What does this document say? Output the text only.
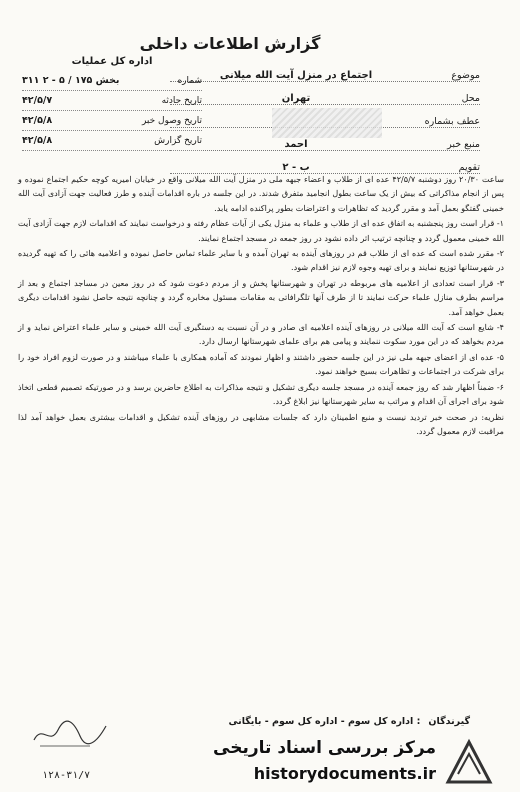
گزارش اطلاعات داخلی
موضوع
اجتماع در منزل آیت الله میلانی
محل
تهران
عطف بشماره
منبع خبر
احمد
تقویم
ب - ۲
اداره کل عملیات
شماره
۳۱۱ ۲ - ۵ / ۱۷۵ بخش
تاریخ حادثه
۴۲/۵/۷
تاریخ وصول خبر
۴۲/۵/۸
تاریخ گزارش
۴۲/۵/۸

ساعت ۲۰/۳۰ روز دوشنبه ۴۲/۵/۷ عده ای از طلاب و اعضاء جبهه ملی در منزل آیت الله میلانی واقع در خیابان امیریه کوچه حکیم اجتماع نموده و پس از انجام مذاکراتی که بیش از یک ساعت بطول انجامید متفرق شدند. در این جلسه در باره اقدامات آینده و طرز فعالیت جهت آزادی آیت الله خمینی گفتگو بعمل آمد و مقرر گردید که تظاهرات و اعتراضات بطور پراکنده ادامه یابد.

۱- قرار است روز پنجشنبه به اتفاق عده ای از طلاب و علماء به منزل یکی از آیات عظام رفته و درخواست نمایند که اقدامات لازم جهت آزادی آیت الله خمینی معمول گردد و چنانچه ترتیب اثر داده نشود در روز جمعه در مسجد اجتماع نمایند.

۲- مقرر شده است که عده ای از طلاب قم در روزهای آینده به تهران آمده و با سایر علماء تماس حاصل نموده و اعلامیه هائی را که تهیه گردیده در شهرستانها توزیع نمایند و برای تهیه وجوه لازم نیز اقدام شود.

۳- قرار است تعدادی از اعلامیه های مربوطه در تهران و شهرستانها پخش و از مردم دعوت شود که در روز معین در مساجد اجتماع و بعد از مراسم بطرف منازل علماء حرکت نمایند تا از طرف آنها تلگرافاتی به مقامات مسئول مخابره گردد و چنانچه نتیجه حاصل نشود اقدامات دیگری بعمل خواهد آمد.

۴- شایع است که آیت الله میلانی در روزهای آینده اعلامیه ای صادر و در آن نسبت به دستگیری آیت الله خمینی و سایر علماء اعتراض نماید و از مردم بخواهد که در این مورد سکوت ننمایند و پیامی هم برای علمای شهرستانها ارسال دارد.

۵- عده ای از اعضای جبهه ملی نیز در این جلسه حضور داشتند و اظهار نمودند که آماده همکاری با علماء میباشند و در صورت لزوم افراد خود را برای شرکت در اجتماعات و تظاهرات بسیج خواهند نمود.

۶- ضمناً اظهار شد که روز جمعه آینده در مسجد جلسه دیگری تشکیل و نتیجه مذاکرات به اطلاع حاضرین برسد و در صورتیکه تصمیم قطعی اتخاذ شود برای اجرای آن اقدام و مراتب به سایر شهرستانها نیز ابلاغ گردد.

نظریه: در صحت خبر تردید نیست و منبع اطمینان دارد که جلسات مشابهی در روزهای آینده تشکیل و اقدامات بیشتری بعمل خواهد آمد لذا مراقبت لازم معمول گردد.

گیرندگان: اداره کل سوم - اداره کل سوم - بایگانی
۱۲۸-۳۱/۷
مرکز بررسی اسناد تاریخی
historydocuments.ir
